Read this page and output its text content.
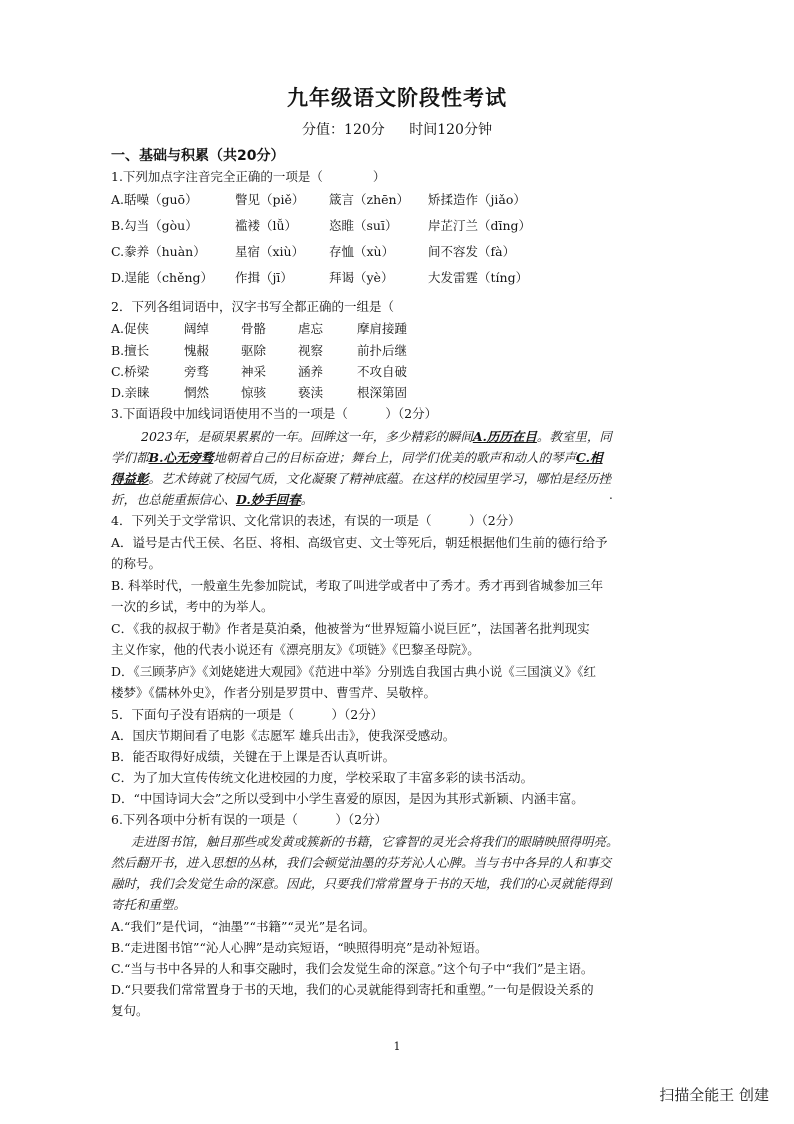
九年级语文阶段性考试
分值：120分 时间120分钟
一、基础与积累（共20分）
1.下列加点字注音完全正确的一项是（　　　　）
A.聒噪（guō）	瞥见（piě） 箴言（zhēn） 矫揉造作（jiǎo）
B.勾当（gòu）	褴褛（lǚ）	恣睢（suī） 岸芷汀兰（dīng）
C.豢养（huàn） 星宿（xiù） 存恤（xù）	间不容发（fà）
D.逞能（chěng） 作揖（jī）	拜谒（yè）	大发雷霆（tíng）
2．下列各组词语中，汉字书写全都正确的一组是（
A.促侠	阔绰	骨骼	虐忘	摩肩接踵
B.擅长	愧赧	驱除	视察	前扑后继
C.桥梁	旁骛	神采	涵养	不攻自破
D.亲睐	惘然	惊骇	亵渎	根深第固
3.下面语段中加线词语使用不当的一项是（　　　）（2分）
2023年，是硕果累累的一年。回眸这一年，多少精彩的瞬间A.历历在目。教室里，同
学们都B.心无旁骛地朝着自己的目标奋进；舞台上，同学们优美的歌声和动人的琴声C.相
得益彰。艺术铸就了校园气质，文化凝聚了精神底蕴。在这样的校园里学习，哪怕是经历挫
折，也总能重振信心、D.妙手回春。	.
4．下列关于文学常识、文化常识的表述，有误的一项是（　　　）（2分）
A．谥号是古代王侯、名臣、将相、高级官吏、文士等死后，朝廷根据他们生前的德行给予
的称号。
B. 科举时代，一般童生先参加院试，考取了叫进学或者中了秀才。秀才再到省城参加三年
一次的乡试，考中的为举人。
C．《我的叔叔于勒》作者是莫泊桑，他被誉为“世界短篇小说巨匠”，法国著名批判现实
主义作家，他的代表小说还有《漂亮朋友》《项链》《巴黎圣母院》。
D．《三顾茅庐》《刘姥姥进大观园》《范进中举》分别选自我国古典小说《三国演义》《红
楼梦》《儒林外史》，作者分别是罗贯中、曹雪芹、吴敬梓。
5．下面句子没有语病的一项是（　　　）（2分）
A．国庆节期间看了电影《志愿军 雄兵出击》，使我深受感动。
B．能否取得好成绩，关键在于上课是否认真听讲。
C．为了加大宣传传统文化进校园的力度，学校采取了丰富多彩的读书活动。
D．“中国诗词大会”之所以受到中小学生喜爱的原因，是因为其形式新颖、内涵丰富。
6.下列各项中分析有误的一项是（　　　）（2分）
走进图书馆，触目那些或发黄或簇新的书籍，它睿智的灵光会将我们的眼睛映照得明亮。
然后翻开书，进入思想的丛林，我们会顿觉油墨的芬芳沁人心脾。当与书中各异的人和事交
融时，我们会发觉生命的深意。因此，只要我们常常置身于书的天地，我们的心灵就能得到
寄托和重塑。
A.“我们”是代词，“油墨”“书籍”“灵光”是名词。
B.“走进图书馆”“沁人心脾”是动宾短语，“映照得明亮”是动补短语。
C.“当与书中各异的人和事交融时，我们会发觉生命的深意。”这个句子中“我们”是主语。
D.“只要我们常常置身于书的天地，我们的心灵就能得到寄托和重塑。”一句是假设关系的
复句。
1
扫描全能王 创建
